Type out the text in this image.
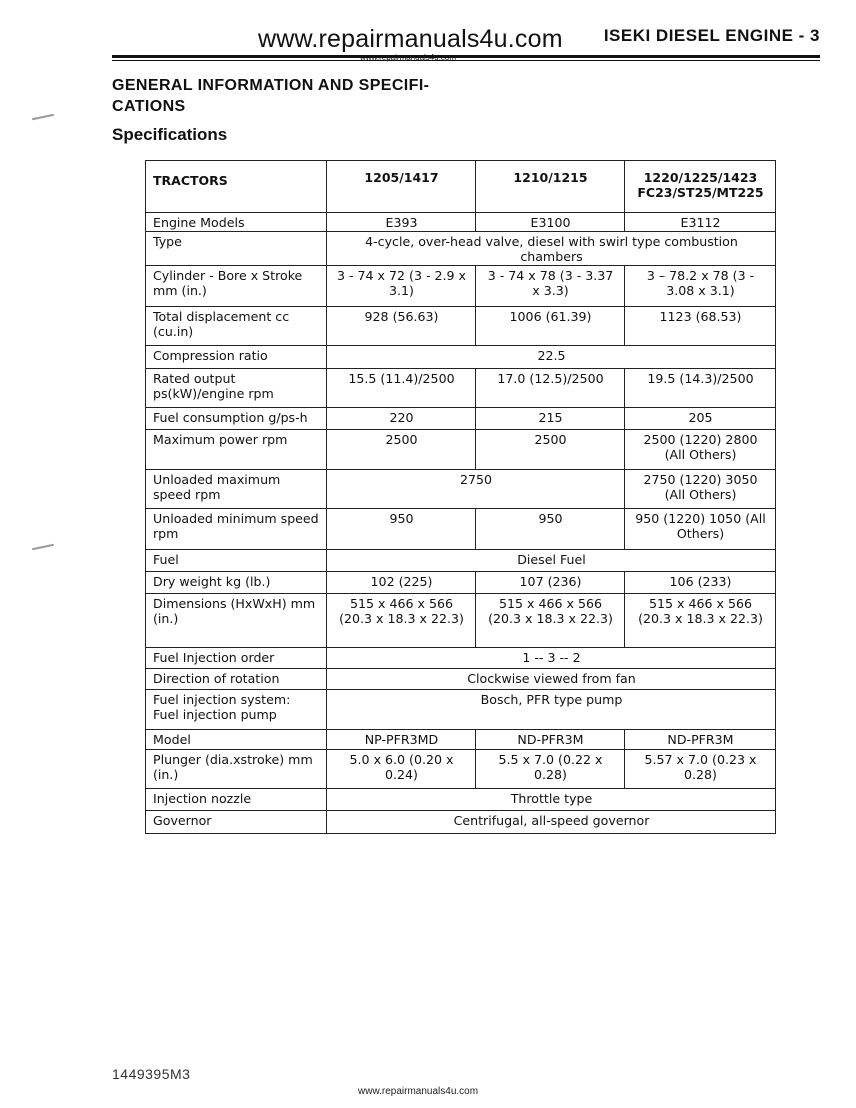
www.repairmanuals4u.com ISEKI DIESEL ENGINE - 3
GENERAL INFORMATION AND SPECIFI- CATIONS
Specifications
TRACTORS	1205/1417	1210/1215	1220/1225/1423 FC23/ST25/MT225
Engine Models	E393	E3100	E3112
Type	4-cycle, over-head valve, diesel with swirl type combustion chambers		
Cylinder - Bore x Stroke mm (in.)	3 - 74 x 72 (3 - 2.9 x 3.1)	3 - 74 x 78 (3 - 3.37 x 3.3)	3 – 78.2 x 78 (3 - 3.08 x 3.1)
Total displacement cc (cu.in)	928 (56.63)	1006 (61.39)	1123 (68.53)
Compression ratio	22.5		
Rated output ps(kW)/engine rpm	15.5 (11.4)/2500	17.0 (12.5)/2500	19.5 (14.3)/2500
Fuel consumption g/ps-h	220	215	205
Maximum power rpm	2500	2500	2500 (1220) 2800 (All Others)
Unloaded maximum speed rpm	2750		2750 (1220) 3050 (All Others)
Unloaded minimum speed rpm	950	950	950 (1220) 1050 (All Others)
Fuel	Diesel Fuel		
Dry weight kg (lb.)	102 (225)	107 (236)	106 (233)
Dimensions (HxWxH) mm (in.)	515 x 466 x 566 (20.3 x 18.3 x 22.3)	515 x 466 x 566 (20.3 x 18.3 x 22.3)	515 x 466 x 566 (20.3 x 18.3 x 22.3)
Fuel Injection order	1 -- 3 -- 2		
Direction of rotation	Clockwise viewed from fan		
Fuel injection system: Fuel injection pump	Bosch, PFR type pump		
Model	NP-PFR3MD	ND-PFR3M	ND-PFR3M
Plunger (dia.xstroke) mm (in.)	5.0 x 6.0 (0.20 x 0.24)	5.5 x 7.0 (0.22 x 0.28)	5.57 x 7.0 (0.23 x 0.28)
Injection nozzle	Throttle type		
Governor	Centrifugal, all-speed governor		
1449395M3
www.repairmanuals4u.com
